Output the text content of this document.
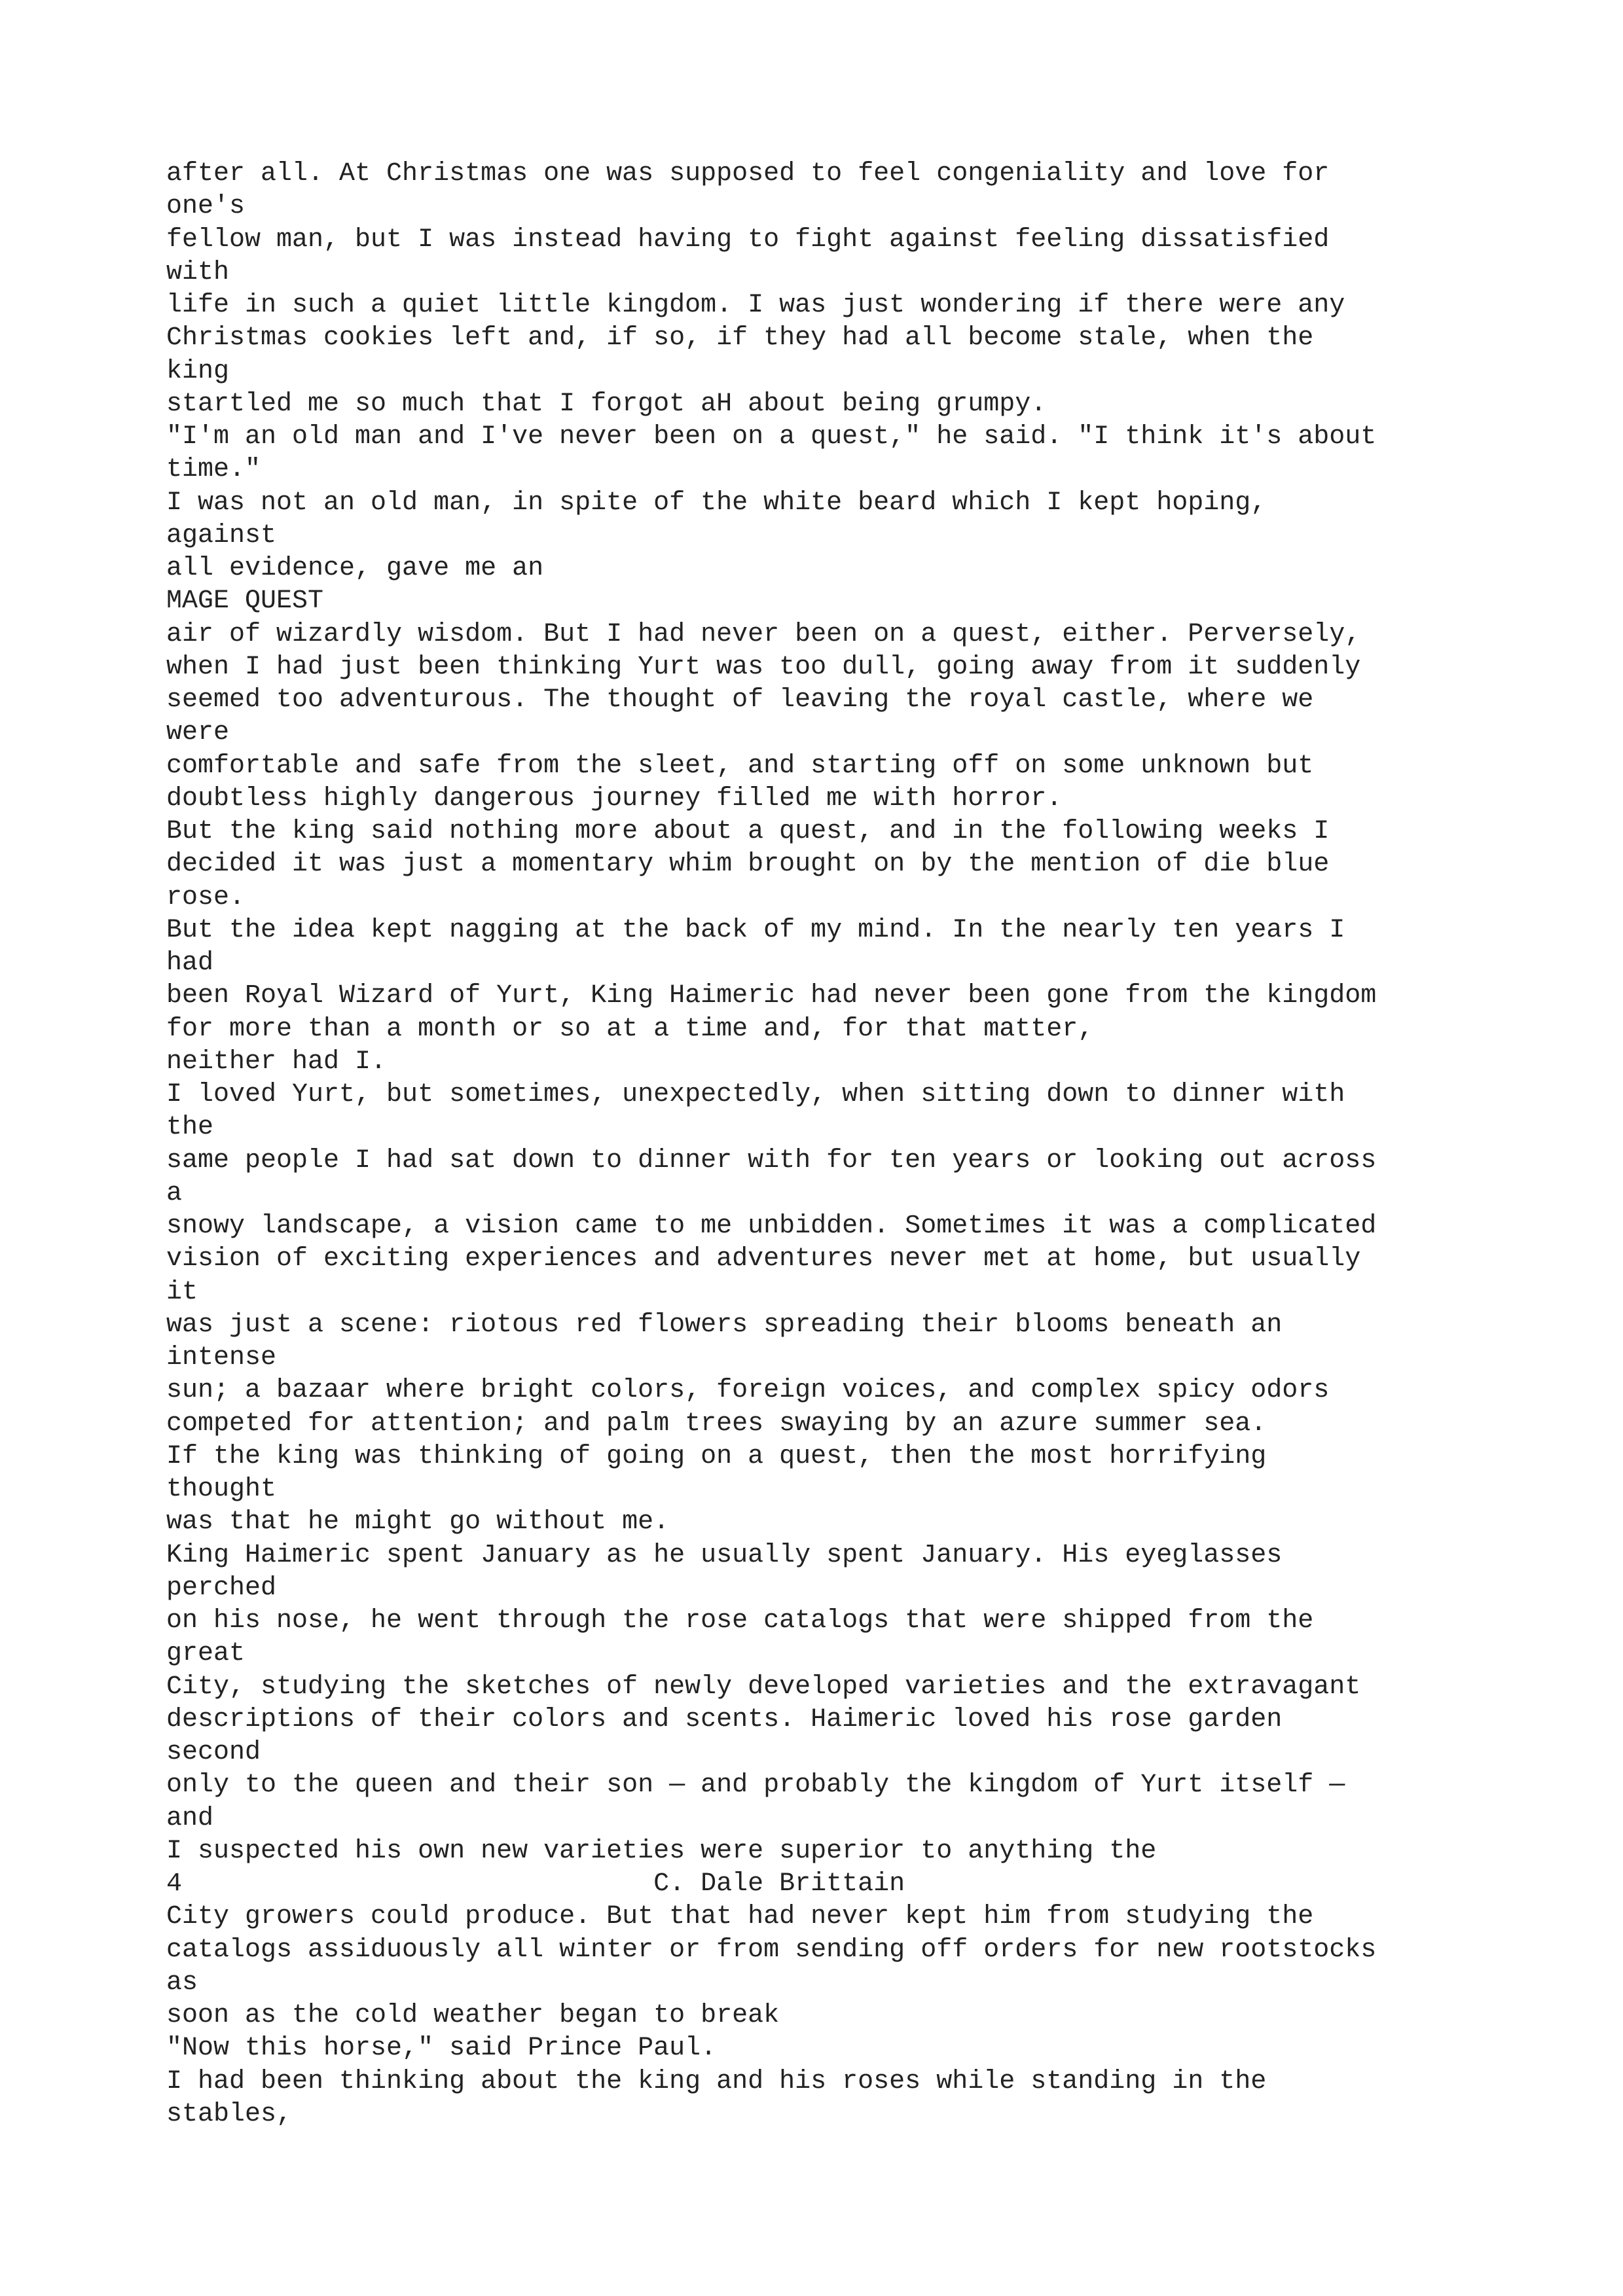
after all. At Christmas one was supposed to feel congeniality and love for
one's
fellow man, but I was instead having to fight against feeling dissatisfied
with
life in such a quiet little kingdom. I was just wondering if there were any
Christmas cookies left and, if so, if they had all become stale, when the
king
startled me so much that I forgot aH about being grumpy.
"I'm an old man and I've never been on a quest," he said. "I think it's about
time."
I was not an old man, in spite of the white beard which I kept hoping,
against
all evidence, gave me an
MAGE QUEST
air of wizardly wisdom. But I had never been on a quest, either. Perversely,
when I had just been thinking Yurt was too dull, going away from it suddenly
seemed too adventurous. The thought of leaving the royal castle, where we
were
comfortable and safe from the sleet, and starting off on some unknown but
doubtless highly dangerous journey filled me with horror.
But the king said nothing more about a quest, and in the following weeks I
decided it was just a momentary whim brought on by the mention of die blue
rose.
But the idea kept nagging at the back of my mind. In the nearly ten years I
had
been Royal Wizard of Yurt, King Haimeric had never been gone from the kingdom
for more than a month or so at a time and, for that matter,
neither had I.
I loved Yurt, but sometimes, unexpectedly, when sitting down to dinner with
the
same people I had sat down to dinner with for ten years or looking out across
a
snowy landscape, a vision came to me unbidden. Sometimes it was a complicated
vision of exciting experiences and adventures never met at home, but usually
it
was just a scene: riotous red flowers spreading their blooms beneath an
intense
sun; a bazaar where bright colors, foreign voices, and complex spicy odors
competed for attention; and palm trees swaying by an azure summer sea.
If the king was thinking of going on a quest, then the most horrifying
thought
was that he might go without me.
King Haimeric spent January as he usually spent January. His eyeglasses
perched
on his nose, he went through the rose catalogs that were shipped from the
great
City, studying the sketches of newly developed varieties and the extravagant
descriptions of their colors and scents. Haimeric loved his rose garden
second
only to the queen and their son — and probably the kingdom of Yurt itself —
and
I suspected his own new varieties were superior to anything the
4                              C. Dale Brittain
City growers could produce. But that had never kept him from studying the
catalogs assiduously all winter or from sending off orders for new rootstocks
as
soon as the cold weather began to break
"Now this horse," said Prince Paul.
I had been thinking about the king and his roses while standing in the
stables,
